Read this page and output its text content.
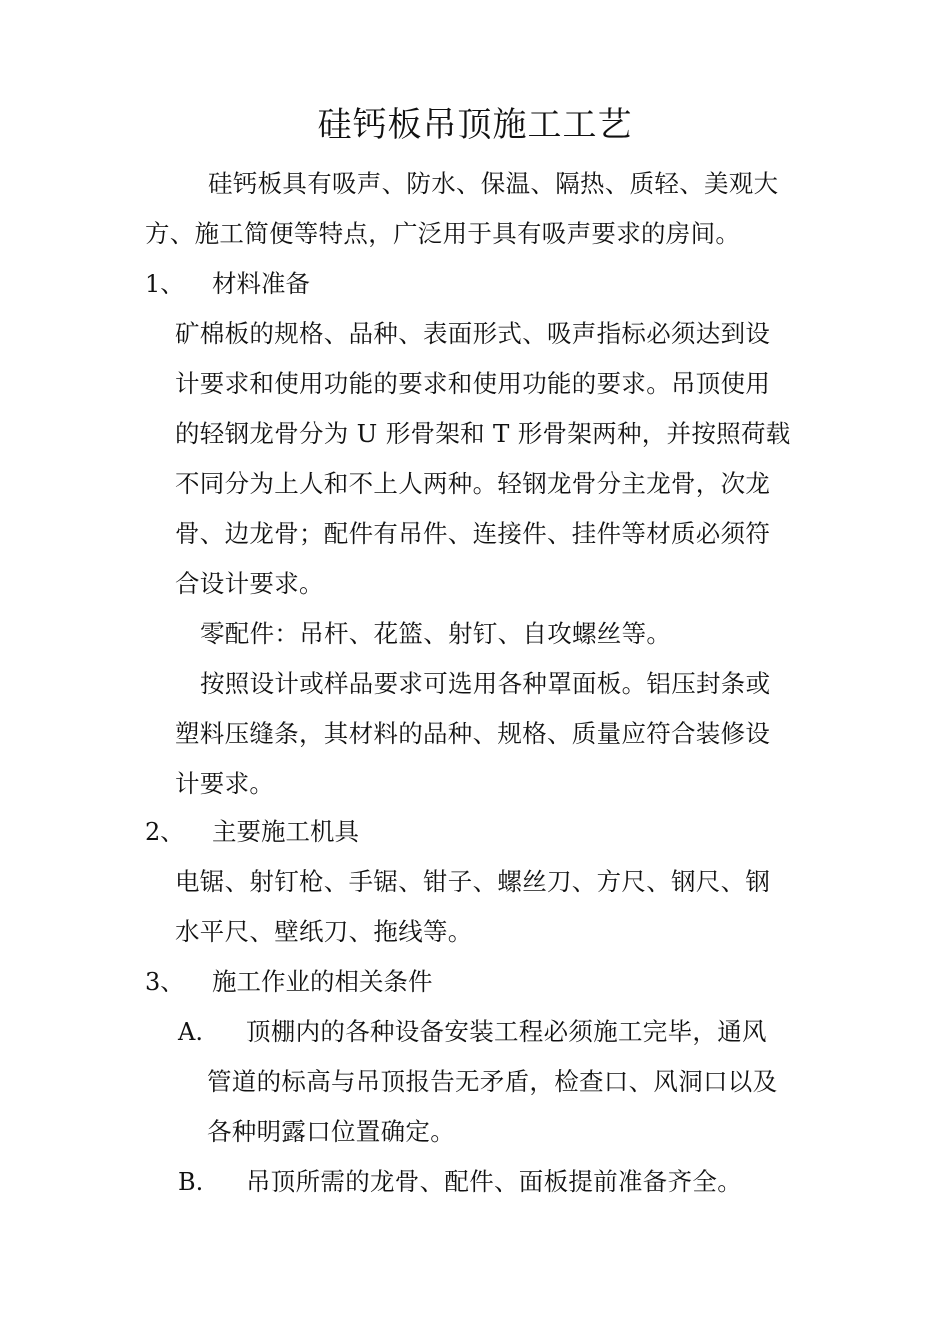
硅钙板吊顶施工工艺
硅钙板具有吸声、防水、保温、隔热、质轻、美观大
方、施工简便等特点，广泛用于具有吸声要求的房间。
1、 材料准备
矿棉板的规格、品种、表面形式、吸声指标必须达到设
计要求和使用功能的要求和使用功能的要求。吊顶使用
的轻钢龙骨分为 U 形骨架和 T 形骨架两种，并按照荷载
不同分为上人和不上人两种。轻钢龙骨分主龙骨，次龙
骨、边龙骨；配件有吊件、连接件、挂件等材质必须符
合设计要求。
零配件：吊杆、花篮、射钉、自攻螺丝等。
按照设计或样品要求可选用各种罩面板。铝压封条或
塑料压缝条，其材料的品种、规格、质量应符合装修设
计要求。
2、 主要施工机具
电锯、射钉枪、手锯、钳子、螺丝刀、方尺、钢尺、钢
水平尺、壁纸刀、拖线等。
3、 施工作业的相关条件
A. 顶棚内的各种设备安装工程必须施工完毕，通风
管道的标高与吊顶报告无矛盾，检查口、风洞口以及
各种明露口位置确定。
B. 吊顶所需的龙骨、配件、面板提前准备齐全。
